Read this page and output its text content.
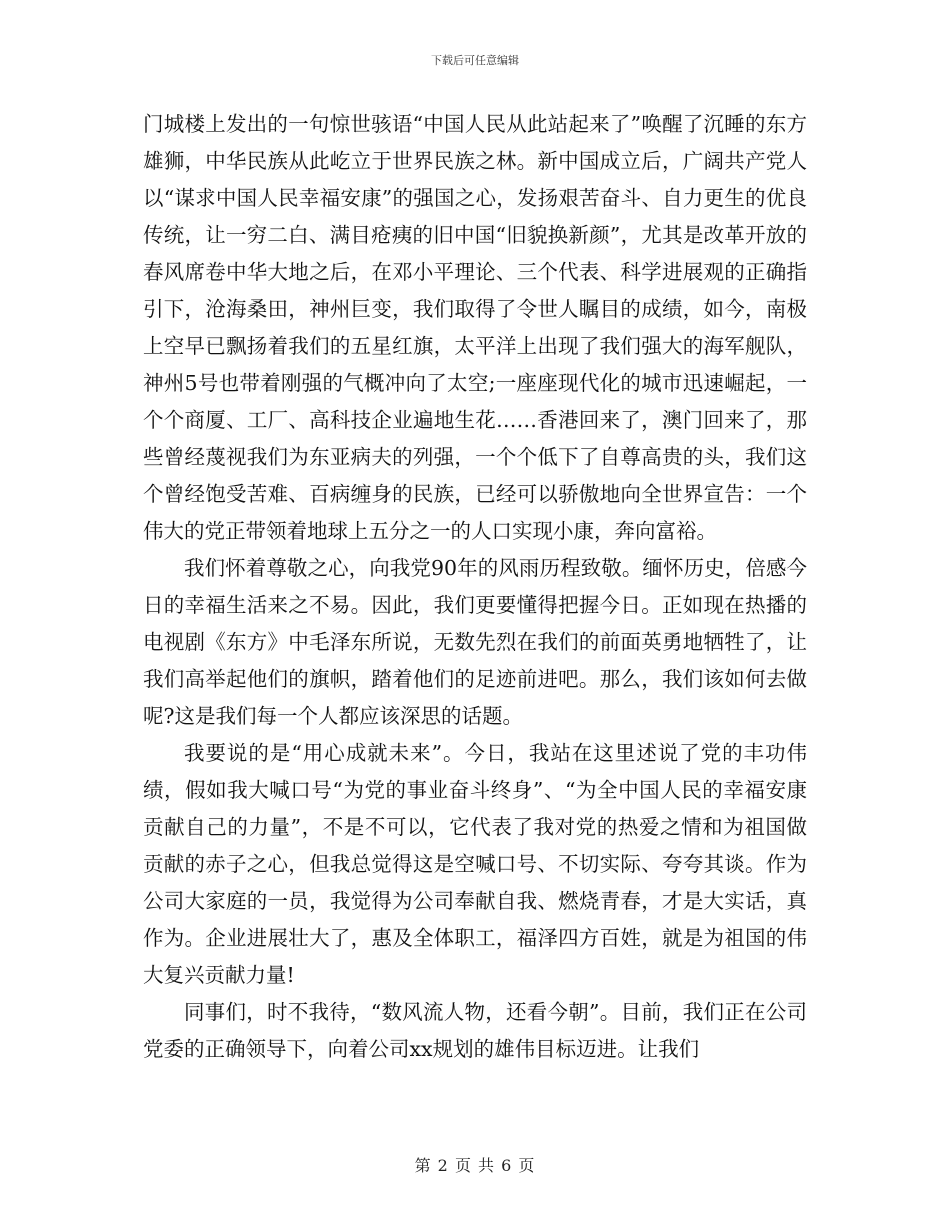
下载后可任意编辑

门城楼上发出的一句惊世骇语“中国人民从此站起来了”唤醒了沉睡的东方雄狮，中华民族从此屹立于世界民族之林。新中国成立后，广阔共产党人以“谋求中国人民幸福安康”的强国之心，发扬艰苦奋斗、自力更生的优良传统，让一穷二白、满目疮痍的旧中国“旧貌换新颜”，尤其是改革开放的春风席卷中华大地之后，在邓小平理论、三个代表、科学进展观的正确指引下，沧海桑田，神州巨变，我们取得了令世人瞩目的成绩，如今，南极上空早已飘扬着我们的五星红旗，太平洋上出现了我们强大的海军舰队，神州5号也带着刚强的气概冲向了太空;一座座现代化的城市迅速崛起，一个个商厦、工厂、高科技企业遍地生花……香港回来了，澳门回来了，那些曾经蔑视我们为东亚病夫的列强，一个个低下了自尊高贵的头，我们这个曾经饱受苦难、百病缠身的民族，已经可以骄傲地向全世界宣告：一个伟大的党正带领着地球上五分之一的人口实现小康，奔向富裕。

我们怀着尊敬之心，向我党90年的风雨历程致敬。缅怀历史，倍感今日的幸福生活来之不易。因此，我们更要懂得把握今日。正如现在热播的电视剧《东方》中毛泽东所说，无数先烈在我们的前面英勇地牺牲了，让我们高举起他们的旗帜，踏着他们的足迹前进吧。那么，我们该如何去做呢?这是我们每一个人都应该深思的话题。

我要说的是“用心成就未来”。今日，我站在这里述说了党的丰功伟绩，假如我大喊口号“为党的事业奋斗终身”、“为全中国人民的幸福安康贡献自己的力量”，不是不可以，它代表了我对党的热爱之情和为祖国做贡献的赤子之心，但我总觉得这是空喊口号、不切实际、夸夸其谈。作为公司大家庭的一员，我觉得为公司奉献自我、燃烧青春，才是大实话，真作为。企业进展壮大了，惠及全体职工，福泽四方百姓，就是为祖国的伟大复兴贡献力量!

同事们，时不我待，“数风流人物，还看今朝”。目前，我们正在公司党委的正确领导下，向着公司xx规划的雄伟目标迈进。让我们

第 2 页 共 6 页
